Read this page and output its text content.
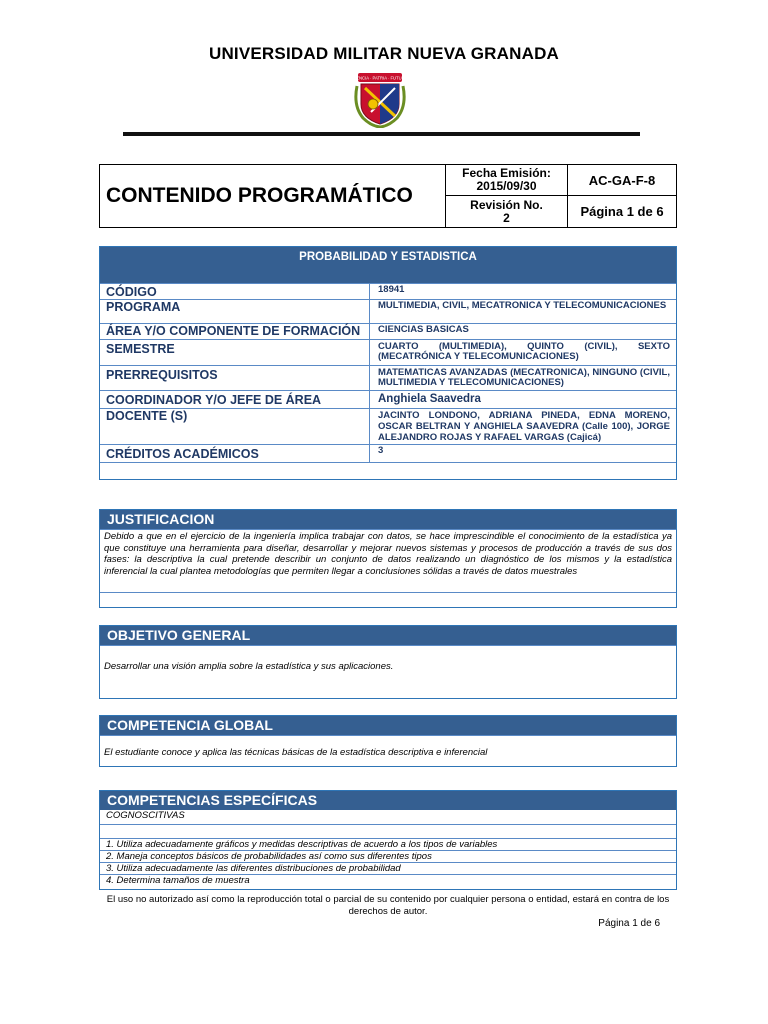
UNIVERSIDAD MILITAR NUEVA GRANADA
CIENCIA · PATRIA · FUTURO
CONTENIDO PROGRAMÁTICO
Fecha Emisión:
2015/09/30	AC-GA-F-8
Revisión No.
2	Página 1 de 6
PROBABILIDAD Y ESTADISTICA
CÓDIGO	18941
PROGRAMA	MULTIMEDIA, CIVIL, MECATRONICA Y TELECOMUNICACIONES
ÁREA Y/O COMPONENTE DE FORMACIÓN	CIENCIAS BASICAS
SEMESTRE	CUARTO (MULTIMEDIA), QUINTO (CIVIL), SEXTO (MECATRÓNICA Y TELECOMUNICACIONES)
PRERREQUISITOS	MATEMATICAS AVANZADAS (MECATRONICA), NINGUNO (CIVIL, MULTIMEDIA Y TELECOMUNICACIONES)
COORDINADOR Y/O JEFE DE ÁREA	Anghiela Saavedra
DOCENTE (S)	JACINTO LONDONO, ADRIANA PINEDA, EDNA MORENO, OSCAR BELTRAN Y ANGHIELA SAAVEDRA (Calle 100), JORGE ALEJANDRO ROJAS Y RAFAEL VARGAS (Cajicá)
CRÉDITOS ACADÉMICOS	3
JUSTIFICACION
Debido a que en el ejercicio de la ingeniería implica trabajar con datos, se hace imprescindible el conocimiento de la estadística ya que constituye una herramienta para diseñar, desarrollar y mejorar nuevos sistemas y procesos de producción a través de sus dos fases: la descriptiva la cual pretende describir un conjunto de datos realizando un diagnóstico de los mismos y la estadística inferencial la cual plantea metodologías que permiten llegar a conclusiones sólidas a través de datos muestrales
OBJETIVO GENERAL
Desarrollar una visión amplia sobre la estadística y sus aplicaciones.
COMPETENCIA GLOBAL
El estudiante conoce y aplica las técnicas básicas de la estadística descriptiva e inferencial
COMPETENCIAS ESPECÍFICAS
COGNOSCITIVAS
1. Utiliza adecuadamente gráficos y medidas descriptivas de acuerdo a los tipos de variables
2. Maneja conceptos básicos de probabilidades así como sus diferentes tipos
3. Utiliza adecuadamente las diferentes distribuciones de probabilidad
4. Determina tamaños de muestra
El uso no autorizado así como la reproducción total o parcial de su contenido por cualquier persona o entidad, estará en contra de los derechos de autor.
Página 1 de 6
